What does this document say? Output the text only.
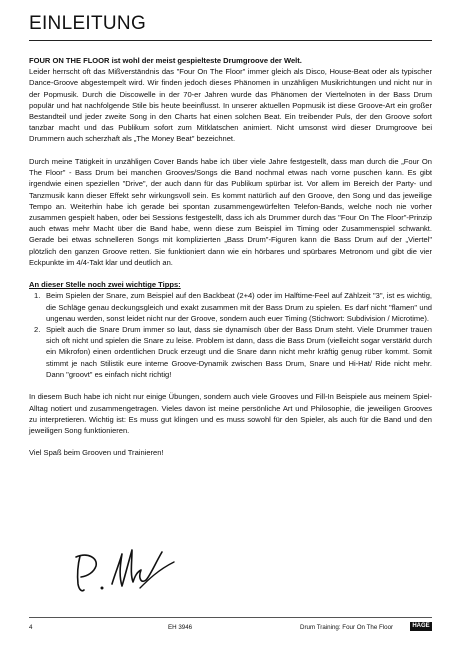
EINLEITUNG

FOUR ON THE FLOOR ist wohl der meist gespielteste Drumgroove der Welt.

Leider herrscht oft das Mißverständnis das "Four On The Floor" immer gleich als Disco, House-Beat oder als typischer Dance-Groove abgestempelt wird. Wir finden jedoch dieses Phänomen in unzähligen Musikrichtungen und nicht nur in der Popmusik. Durch die Discowelle in der 70-er Jahren wurde das Phänomen der Viertelnoten in der Bass Drum populär und hat nachfolgende Stile bis heute beeinflusst. In unserer aktuellen Popmusik ist diese Groove-Art ein großer Bestandteil und jeder zweite Song in den Charts hat einen solchen Beat. Ein treibender Puls, der den Groove sofort tanzbar macht und das Publikum sofort zum Mitklatschen animiert. Nicht umsonst wird dieser Drumgroove bei Drummern auch scherzhaft als „The Money Beat" bezeichnet.

Durch meine Tätigkeit in unzähligen Cover Bands habe ich über viele Jahre festgestellt, dass man durch die „Four On The Floor" - Bass Drum bei manchen Grooves/Songs die Band nochmal etwas nach vorne puschen kann. Es gibt irgendwie einen speziellen "Drive", der auch dann für das Publikum spürbar ist. Vor allem im Bereich der Party- und Tanzmusik kann dieser Effekt sehr wirkungsvoll sein. Es kommt natürlich auf den Groove, den Song und das jeweilige Tempo an. Weiterhin habe ich gerade bei spontan zusammengewürfelten Telefon-Bands, welche noch nie vorher zusammen gespielt haben, oder bei Sessions festgestellt, dass ich als Drummer durch das "Four On The Floor"-Prinzip auch etwas mehr Macht über die Band habe, wenn diese zum Beispiel im Timing oder Zusammenspiel schwankt. Gerade bei etwas schnelleren Songs mit komplizierten „Bass Drum"-Figuren kann die Bass Drum auf der „Viertel" plötzlich den ganzen Groove retten. Sie funktioniert dann wie ein hörbares und spürbares Metronom und gibt die vier Eckpunkte im 4/4-Takt klar und deutlich an.

An dieser Stelle noch zwei wichtige Tipps:

1. Beim Spielen der Snare, zum Beispiel auf den Backbeat (2+4) oder im Halftime-Feel auf Zählzeit "3", ist es wichtig, die Schläge genau deckungsgleich und exakt zusammen mit der Bass Drum zu spielen. Es darf nicht "flamen" und ungenau werden, sonst leidet nicht nur der Groove, sondern auch euer Timing (Stichwort: Subdivision / Microtime).
2. Spielt auch die Snare Drum immer so laut, dass sie dynamisch über der Bass Drum steht. Viele Drummer trauen sich oft nicht und spielen die Snare zu leise. Problem ist dann, dass die Bass Drum (vielleicht sogar verstärkt durch ein Mikrofon) einen ordentlichen Druck erzeugt und die Snare dann nicht mehr kräftig genug rüber kommt. Somit stimmt je nach Stilistik eure interne Groove-Dynamik zwischen Bass Drum, Snare und Hi-Hat/ Ride nicht mehr. Dann "groovt" es einfach nicht richtig!

In diesem Buch habe ich nicht nur einige Übungen, sondern auch viele Grooves und Fill-In Beispiele aus meinem Spiel-Alltag notiert und zusammengetragen. Vieles davon ist meine persönliche Art und Philosophie, die jeweiligen Grooves zu interpretieren. Wichtig ist: Es muss gut klingen und es muss sowohl für den Spieler, als auch für die Band und den jeweiligen Song funktionieren.

Viel Spaß beim Grooven und Trainieren!

4	EH 3946	Drum Training: Four On The Floor	HAGE
